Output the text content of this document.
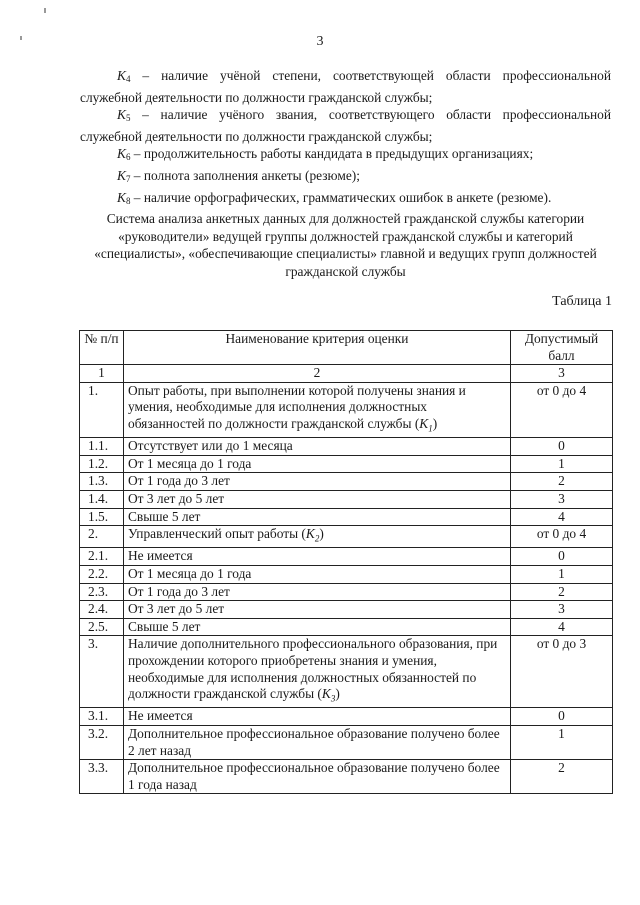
3

$K_4$ – наличие учёной степени, соответствующей области профессиональной служебной деятельности по должности гражданской службы;

$K_5$ – наличие учёного звания, соответствующего области профессиональной служебной деятельности по должности гражданской службы;

$K_6$ – продолжительность работы кандидата в предыдущих организациях;

$K_7$ – полнота заполнения анкеты (резюме);

$K_8$ – наличие орфографических, грамматических ошибок в анкете (резюме).

Система анализа анкетных данных для должностей гражданской службы категории «руководители» ведущей группы должностей гражданской службы и категорий «специалисты», «обеспечивающие специалисты» главной и ведущих групп должностей гражданской службы
Таблица 1
№ п/п	Наименование критерия оценки	Допустимый балл
1	2	3
1.	Опыт работы, при выполнении которой получены знания и умения, необходимые для исполнения должностных обязанностей по должности гражданской службы $(K_1)$	от 0 до 4
1.1.	Отсутствует или до 1 месяца	0
1.2.	От 1 месяца до 1 года	1
1.3.	От 1 года до 3 лет	2
1.4.	От 3 лет до 5 лет	3
1.5.	Свыше 5 лет	4
2.	Управленческий опыт работы $(K_2)$	от 0 до 4
2.1.	Не имеется	0
2.2.	От 1 месяца до 1 года	1
2.3.	От 1 года до 3 лет	2
2.4.	От 3 лет до 5 лет	3
2.5.	Свыше 5 лет	4
3.	Наличие дополнительного профессионального образования, при прохождении которого приобретены знания и умения, необходимые для исполнения должностных обязанностей по должности гражданской службы $(K_3)$	от 0 до 3
3.1.	Не имеется	0
3.2.	Дополнительное профессиональное образование получено более 2 лет назад	1
3.3.	Дополнительное профессиональное образование получено более 1 года назад	2
